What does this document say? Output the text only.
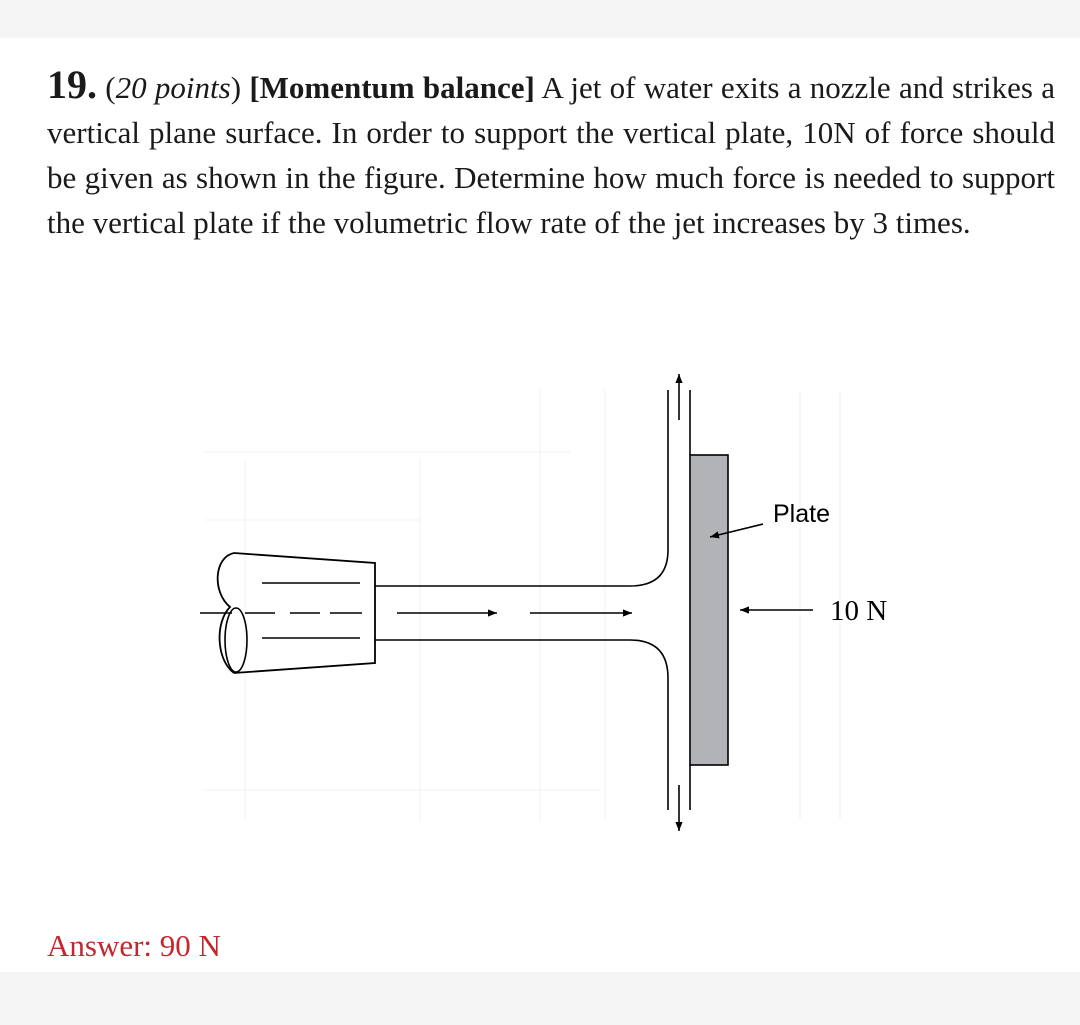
19. (20 points) [Momentum balance] A jet of water exits a nozzle and strikes a vertical plane surface. In order to support the vertical plate, 10N of force should be given as shown in the figure. Determine how much force is needed to support the vertical plate if the volumetric flow rate of the jet increases by 3 times.
Plate
10 N
Answer: 90 N
